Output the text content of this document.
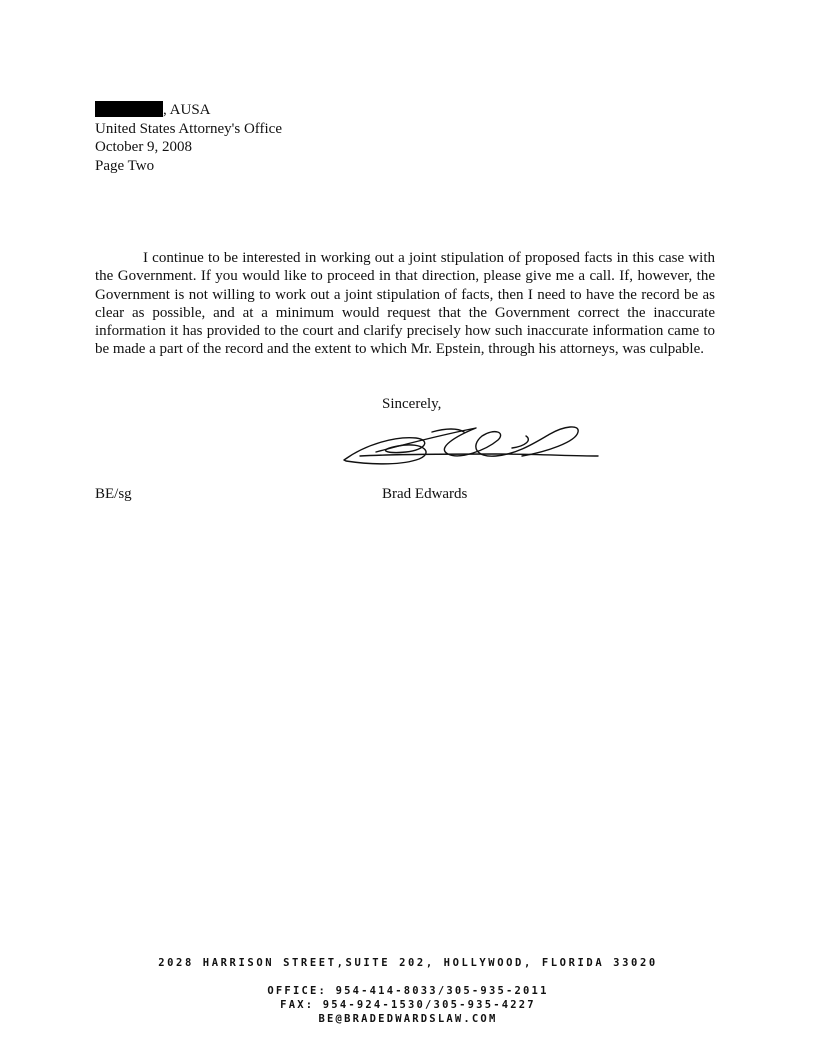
, AUSA
United States Attorney's Office
October 9, 2008
Page Two

I continue to be interested in working out a joint stipulation of proposed facts in this case with the Government. If you would like to proceed in that direction, please give me a call. If, however, the Government is not willing to work out a joint stipulation of facts, then I need to have the record be as clear as possible, and at a minimum would request that the Government correct the inaccurate information it has provided to the court and clarify precisely how such inaccurate information came to be made a part of the record and the extent to which Mr. Epstein, through his attorneys, was culpable.

Sincerely,
BE/sg	Brad Edwards
2028 HARRISON STREET,SUITE 202, HOLLYWOOD, FLORIDA 33020
OFFICE: 954-414-8033/305-935-2011
FAX: 954-924-1530/305-935-4227
BE@BRADEDWARDSLAW.COM
